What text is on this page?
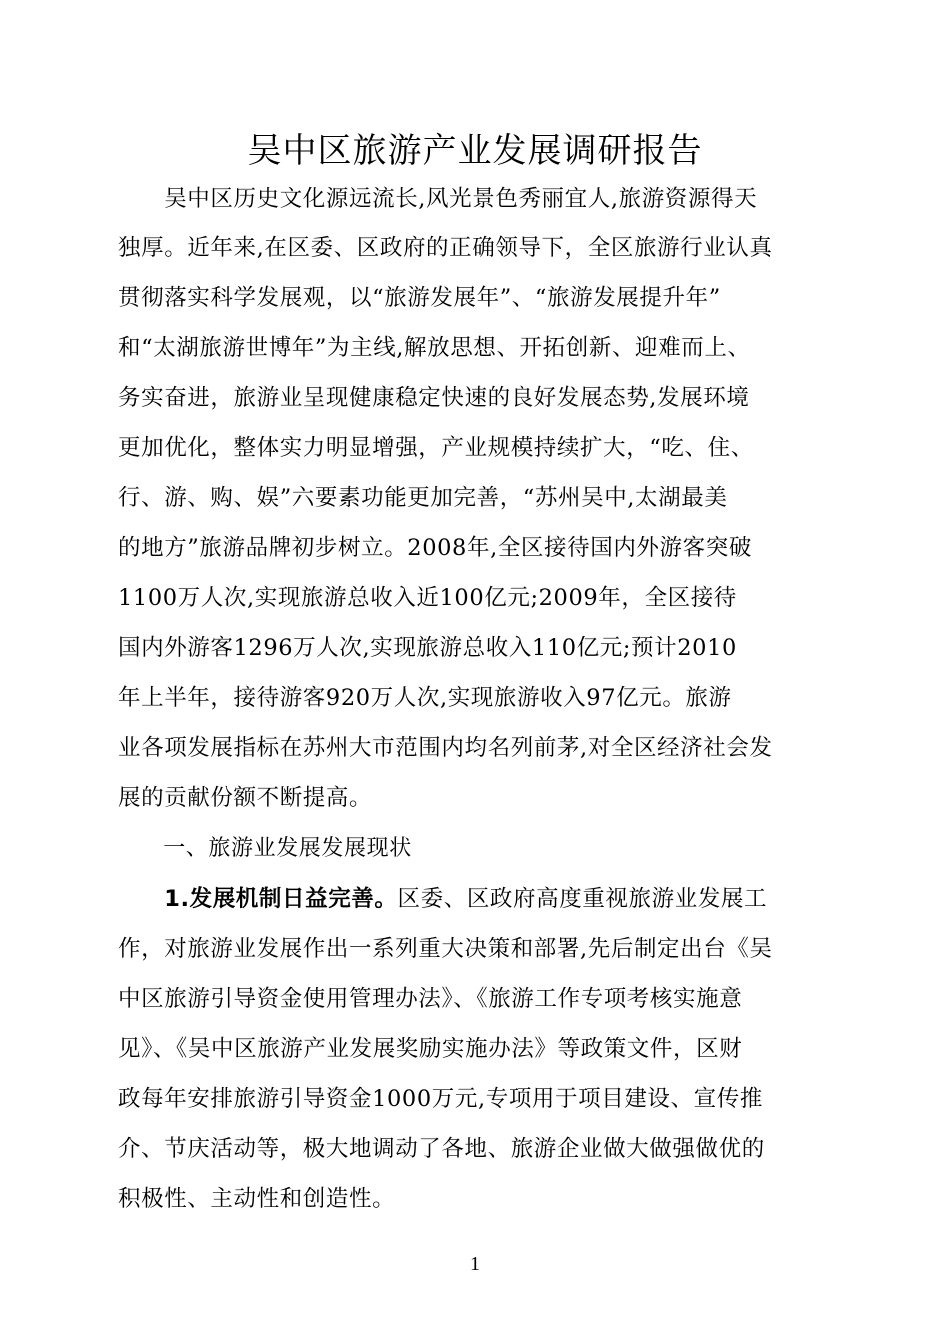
吴中区旅游产业发展调研报告
　　吴中区历史文化源远流长,风光景色秀丽宜人,旅游资源得天
独厚。近年来,在区委、区政府的正确领导下，全区旅游行业认真
贯彻落实科学发展观，以“旅游发展年”、“旅游发展提升年”
和“太湖旅游世博年”为主线,解放思想、开拓创新、迎难而上、
务实奋进，旅游业呈现健康稳定快速的良好发展态势,发展环境
更加优化，整体实力明显增强，产业规模持续扩大，“吃、住、
行、游、购、娱”六要素功能更加完善，“苏州吴中,太湖最美
的地方”旅游品牌初步树立。2008年,全区接待国内外游客突破
1100万人次,实现旅游总收入近100亿元;2009年，全区接待
国内外游客1296万人次,实现旅游总收入110亿元;预计2010
年上半年，接待游客920万人次,实现旅游收入97亿元。旅游
业各项发展指标在苏州大市范围内均名列前茅,对全区经济社会发
展的贡献份额不断提高。
　　一、旅游业发展发展现状
　　1.发展机制日益完善。区委、区政府高度重视旅游业发展工
作，对旅游业发展作出一系列重大决策和部署,先后制定出台《吴
中区旅游引导资金使用管理办法》、《旅游工作专项考核实施意
见》、《吴中区旅游产业发展奖励实施办法》等政策文件，区财
政每年安排旅游引导资金1000万元,专项用于项目建设、宣传推
介、节庆活动等，极大地调动了各地、旅游企业做大做强做优的
积极性、主动性和创造性。
1
